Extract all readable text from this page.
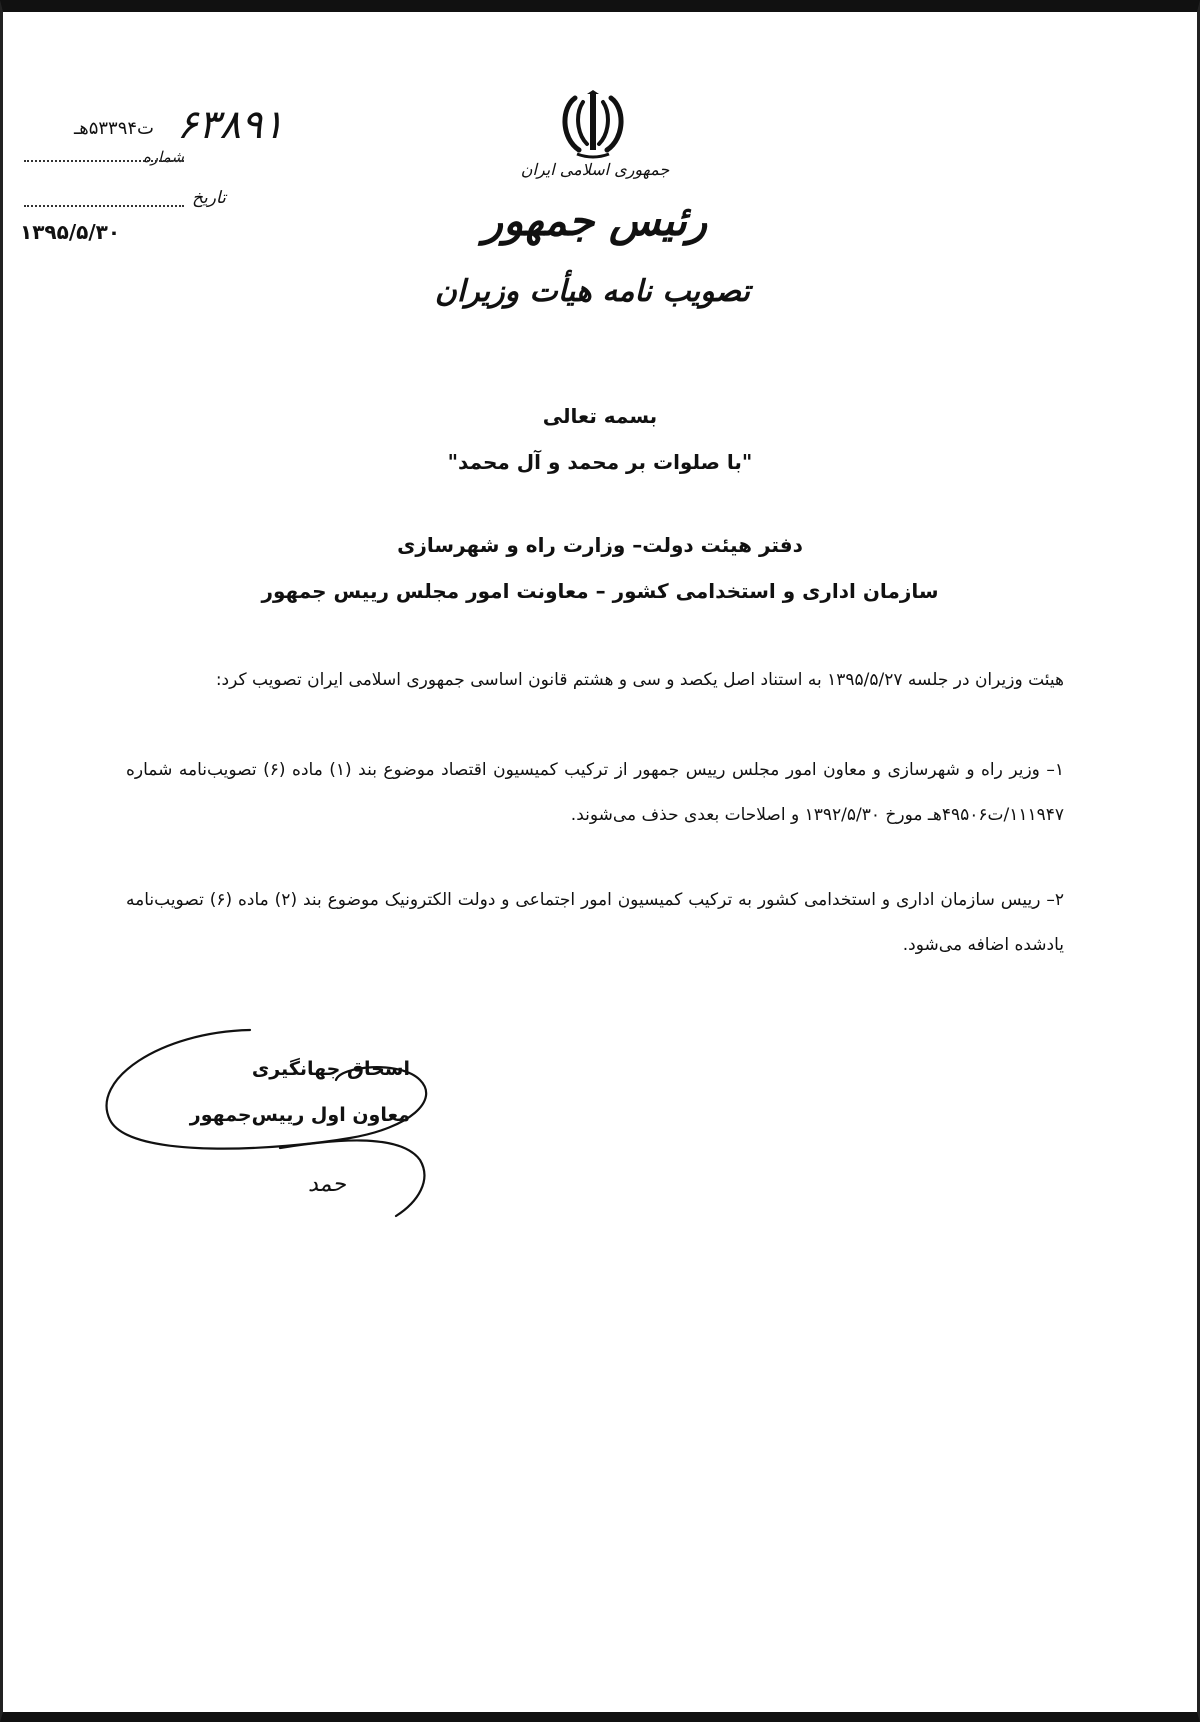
جمهوری اسلامی ایران
رئیس جمهور
تصویب نامه هیأت وزیران
۶۳۸۹۱
ت۵۳۳۹۴هـ
شماره
تاریخ
۱۳۹۵/۵/۳۰
بسمه تعالی
"با صلوات بر محمد و آل محمد"
دفتر هیئت دولت– وزارت راه و شهرسازی
سازمان اداری و استخدامی کشور – معاونت امور مجلس رییس جمهور
هیئت وزیران در جلسه ۱۳۹۵/۵/۲۷ به استناد اصل یکصد و سی و هشتم قانون اساسی جمهوری اسلامی ایران تصویب کرد:
۱– وزیر راه و شهرسازی و معاون امور مجلس رییس جمهور از ترکیب کمیسیون اقتصاد موضوع بند (۱) ماده (۶) تصویب‌نامه شماره ۱۱۱۹۴۷/ت۴۹۵۰۶هـ مورخ ۱۳۹۲/۵/۳۰ و اصلاحات بعدی حذف می‌شوند.
۲– رییس سازمان اداری و استخدامی کشور به ترکیب کمیسیون امور اجتماعی و دولت الکترونیک موضوع بند (۲) ماده (۶) تصویب‌نامه یادشده اضافه می‌شود.
اسحاق جهانگیری
معاون اول رییس‌جمهور
حمد
